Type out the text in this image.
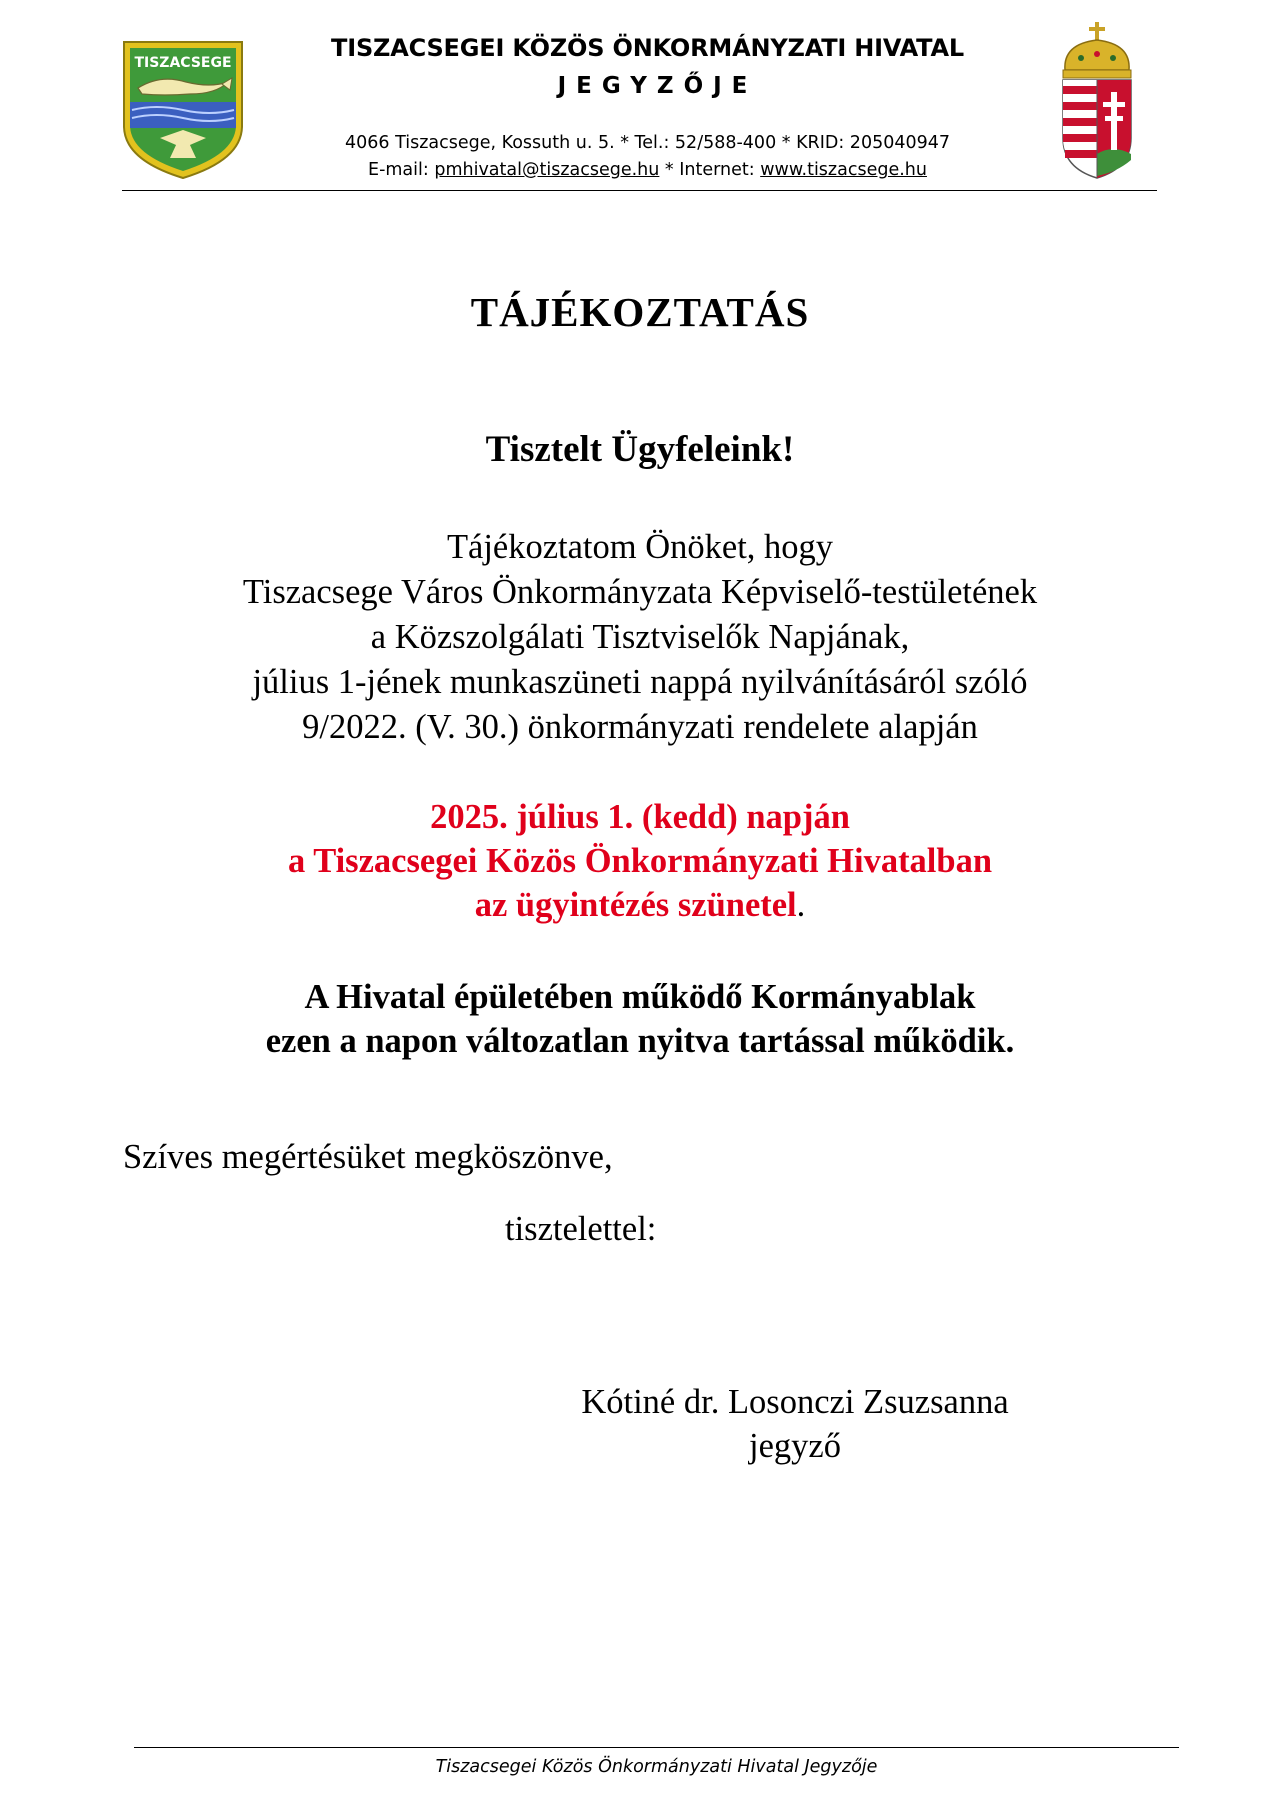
TISZACSEGE
TISZACSEGEI KÖZÖS ÖNKORMÁNYZATI HIVATAL
JEGYZŐJE
4066 Tiszacsege, Kossuth u. 5. * Tel.: 52/588-400 * KRID: 205040947
E-mail: pmhivatal@tiszacsege.hu * Internet: www.tiszacsege.hu
TÁJÉKOZTATÁS
Tisztelt Ügyfeleink!
Tájékoztatom Önöket, hogy
Tiszacsege Város Önkormányzata Képviselő-testületének
a Közszolgálati Tisztviselők Napjának,
július 1-jének munkaszüneti nappá nyilvánításáról szóló
9/2022. (V. 30.) önkormányzati rendelete alapján
2025. július 1. (kedd) napján
a Tiszacsegei Közös Önkormányzati Hivatalban
az ügyintézés szünetel.
A Hivatal épületében működő Kormányablak
ezen a napon változatlan nyitva tartással működik.
Szíves megértésüket megköszönve,
tisztelettel:
Kótiné dr. Losonczi Zsuzsanna
jegyző
Tiszacsegei Közös Önkormányzati Hivatal Jegyzője
